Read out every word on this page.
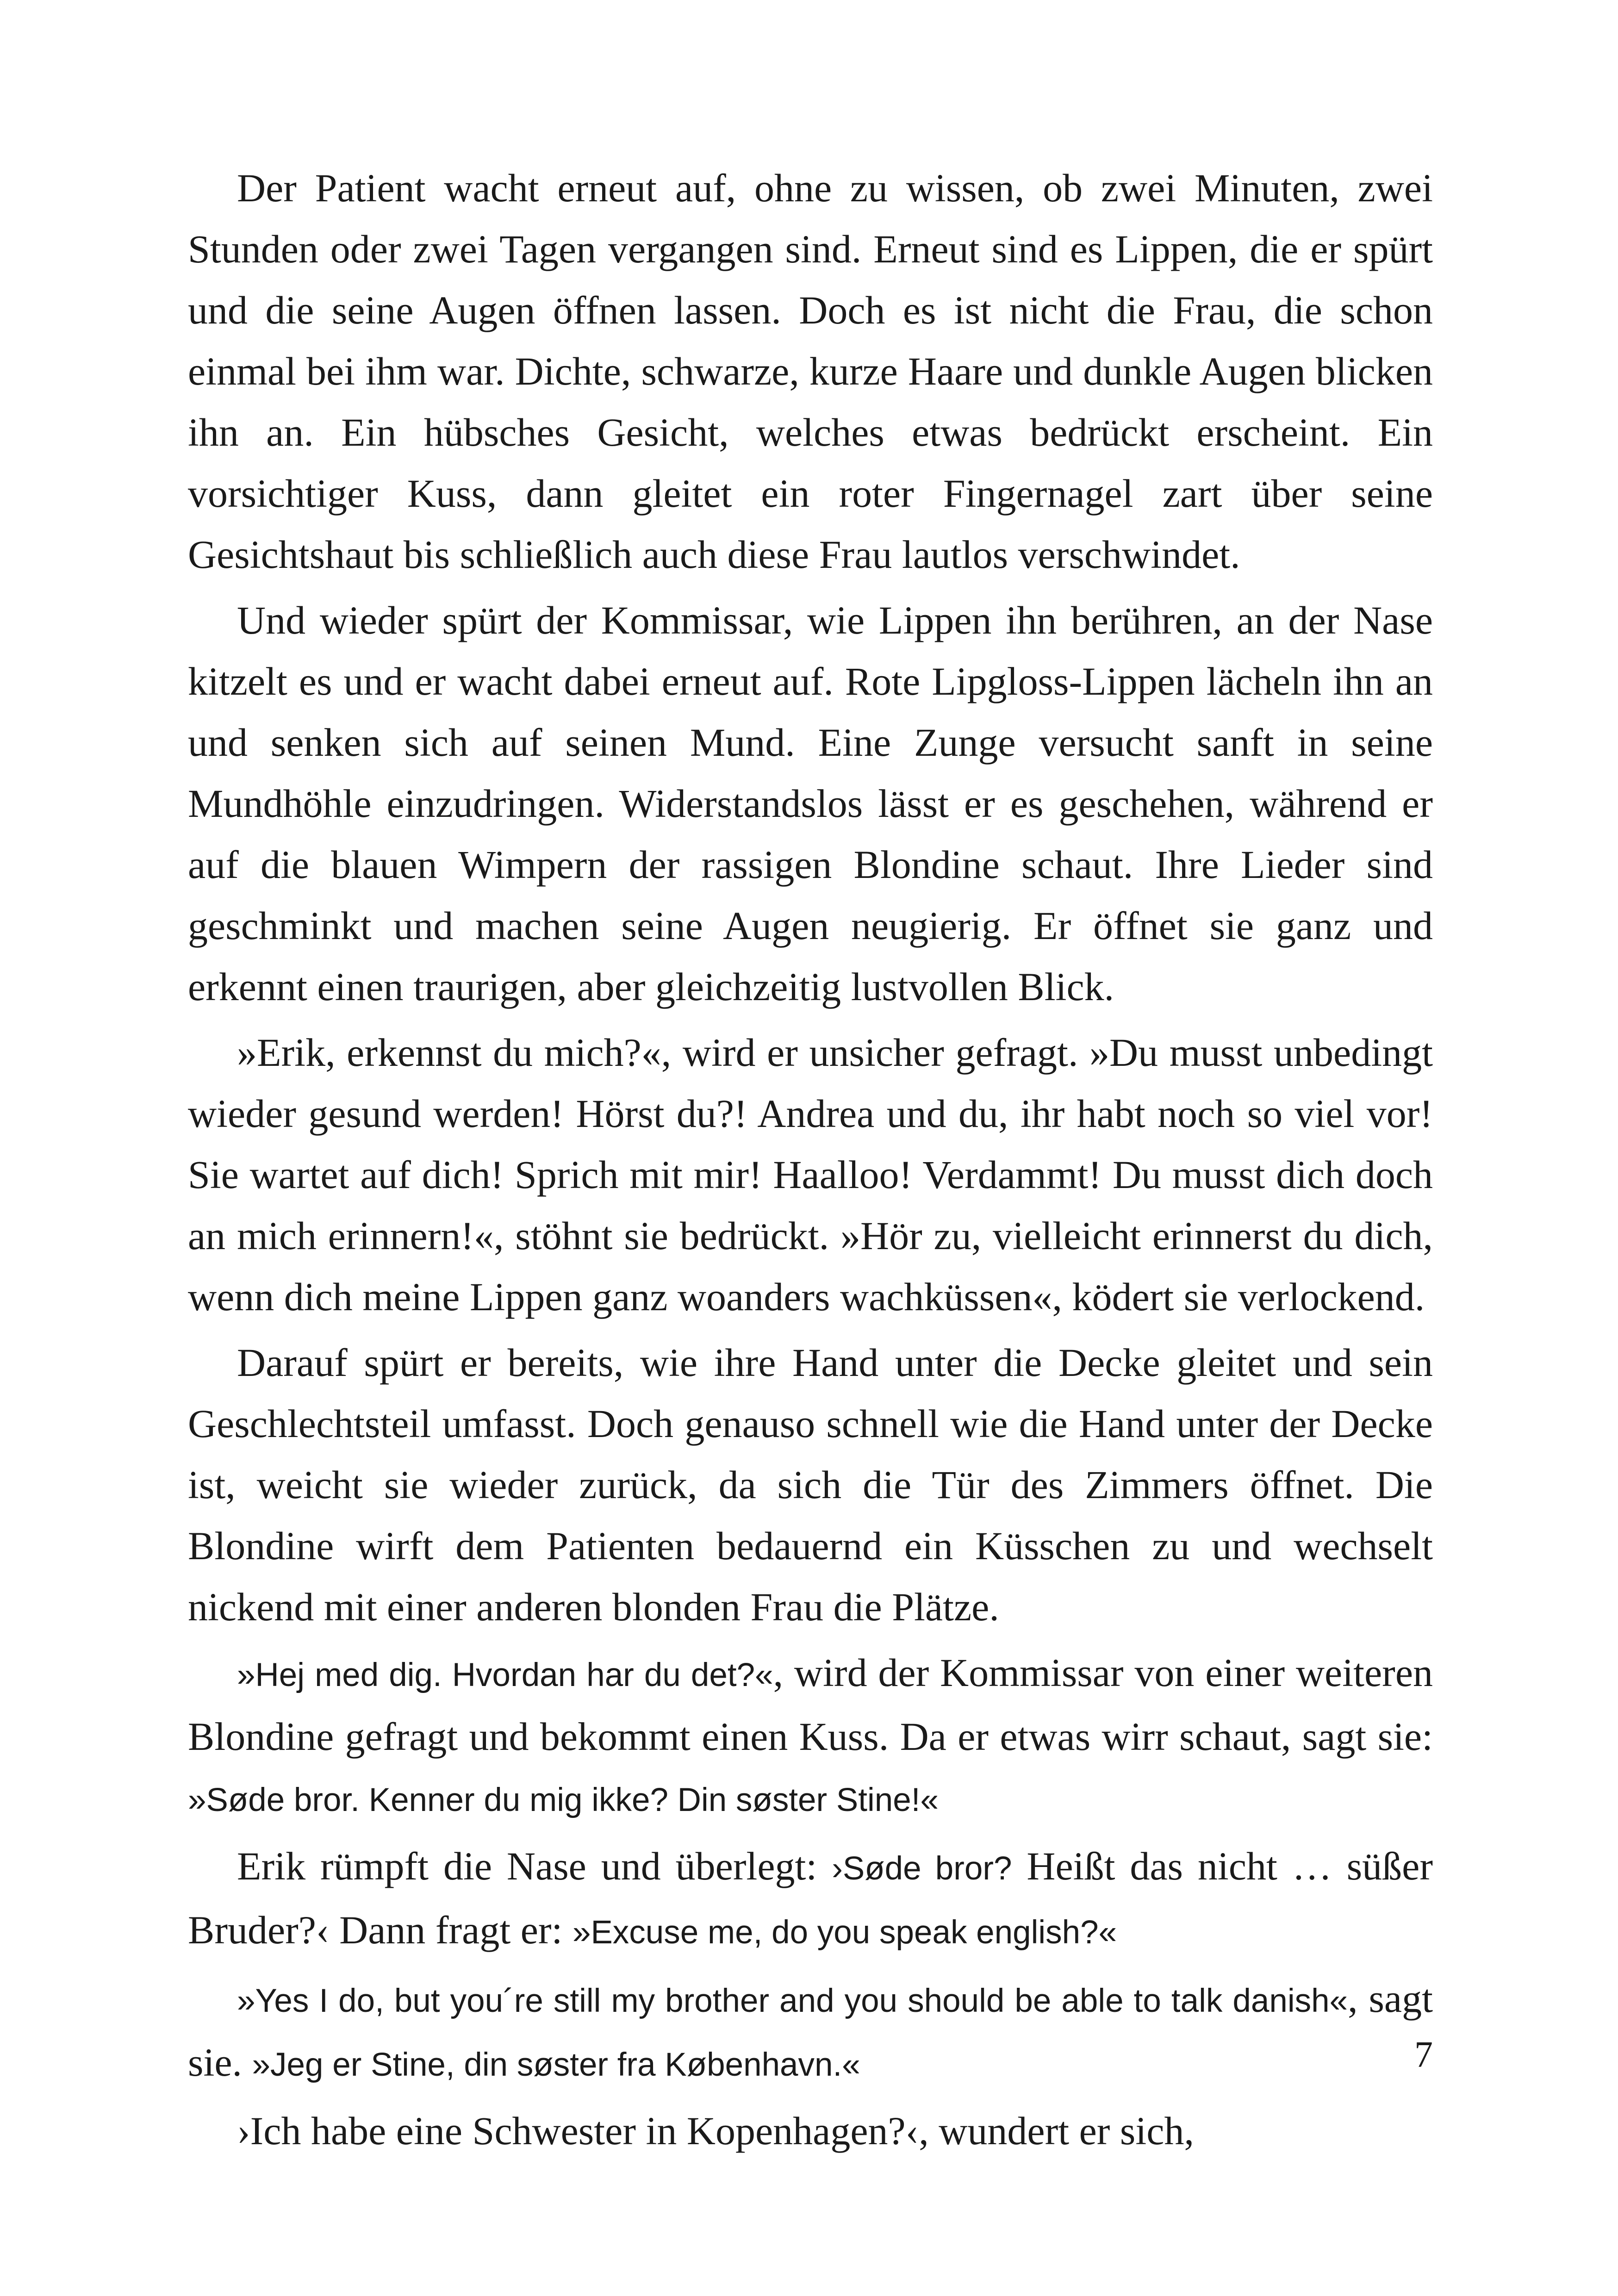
Der Patient wacht erneut auf, ohne zu wissen, ob zwei Minuten, zwei Stunden oder zwei Tagen vergangen sind. Erneut sind es Lippen, die er spürt und die seine Augen öffnen lassen. Doch es ist nicht die Frau, die schon einmal bei ihm war. Dichte, schwarze, kurze Haare und dunkle Augen blicken ihn an. Ein hübsches Gesicht, welches etwas bedrückt erscheint. Ein vorsichtiger Kuss, dann gleitet ein roter Fingernagel zart über seine Gesichtshaut bis schließlich auch diese Frau lautlos verschwindet.

Und wieder spürt der Kommissar, wie Lippen ihn berühren, an der Nase kitzelt es und er wacht dabei erneut auf. Rote Lipgloss-Lippen lächeln ihn an und senken sich auf seinen Mund. Eine Zunge versucht sanft in seine Mundhöhle einzudringen. Widerstandslos lässt er es geschehen, während er auf die blauen Wimpern der rassigen Blondine schaut. Ihre Lieder sind geschminkt und machen seine Augen neugierig. Er öffnet sie ganz und erkennt einen traurigen, aber gleichzeitig lustvollen Blick.

»Erik, erkennst du mich?«, wird er unsicher gefragt. »Du musst unbedingt wieder gesund werden! Hörst du?! Andrea und du, ihr habt noch so viel vor! Sie wartet auf dich! Sprich mit mir! Haalloo! Verdammt! Du musst dich doch an mich erinnern!«, stöhnt sie bedrückt. »Hör zu, vielleicht erinnerst du dich, wenn dich meine Lippen ganz woanders wachküssen«, ködert sie verlockend.

Darauf spürt er bereits, wie ihre Hand unter die Decke gleitet und sein Geschlechtsteil umfasst. Doch genauso schnell wie die Hand unter der Decke ist, weicht sie wieder zurück, da sich die Tür des Zimmers öffnet. Die Blondine wirft dem Patienten bedauernd ein Küsschen zu und wechselt nickend mit einer anderen blonden Frau die Plätze.

»Hej med dig. Hvordan har du det?«, wird der Kommissar von einer weiteren Blondine gefragt und bekommt einen Kuss. Da er etwas wirr schaut, sagt sie: »Søde bror. Kenner du mig ikke? Din søster Stine!«

Erik rümpft die Nase und überlegt: ›Søde bror? Heißt das nicht … süßer Bruder?‹ Dann fragt er: »Excuse me, do you speak english?«

»Yes I do, but you´re still my brother and you should be able to talk danish«, sagt sie. »Jeg er Stine, din søster fra København.«

›Ich habe eine Schwester in Kopenhagen?‹, wundert er sich,

7
